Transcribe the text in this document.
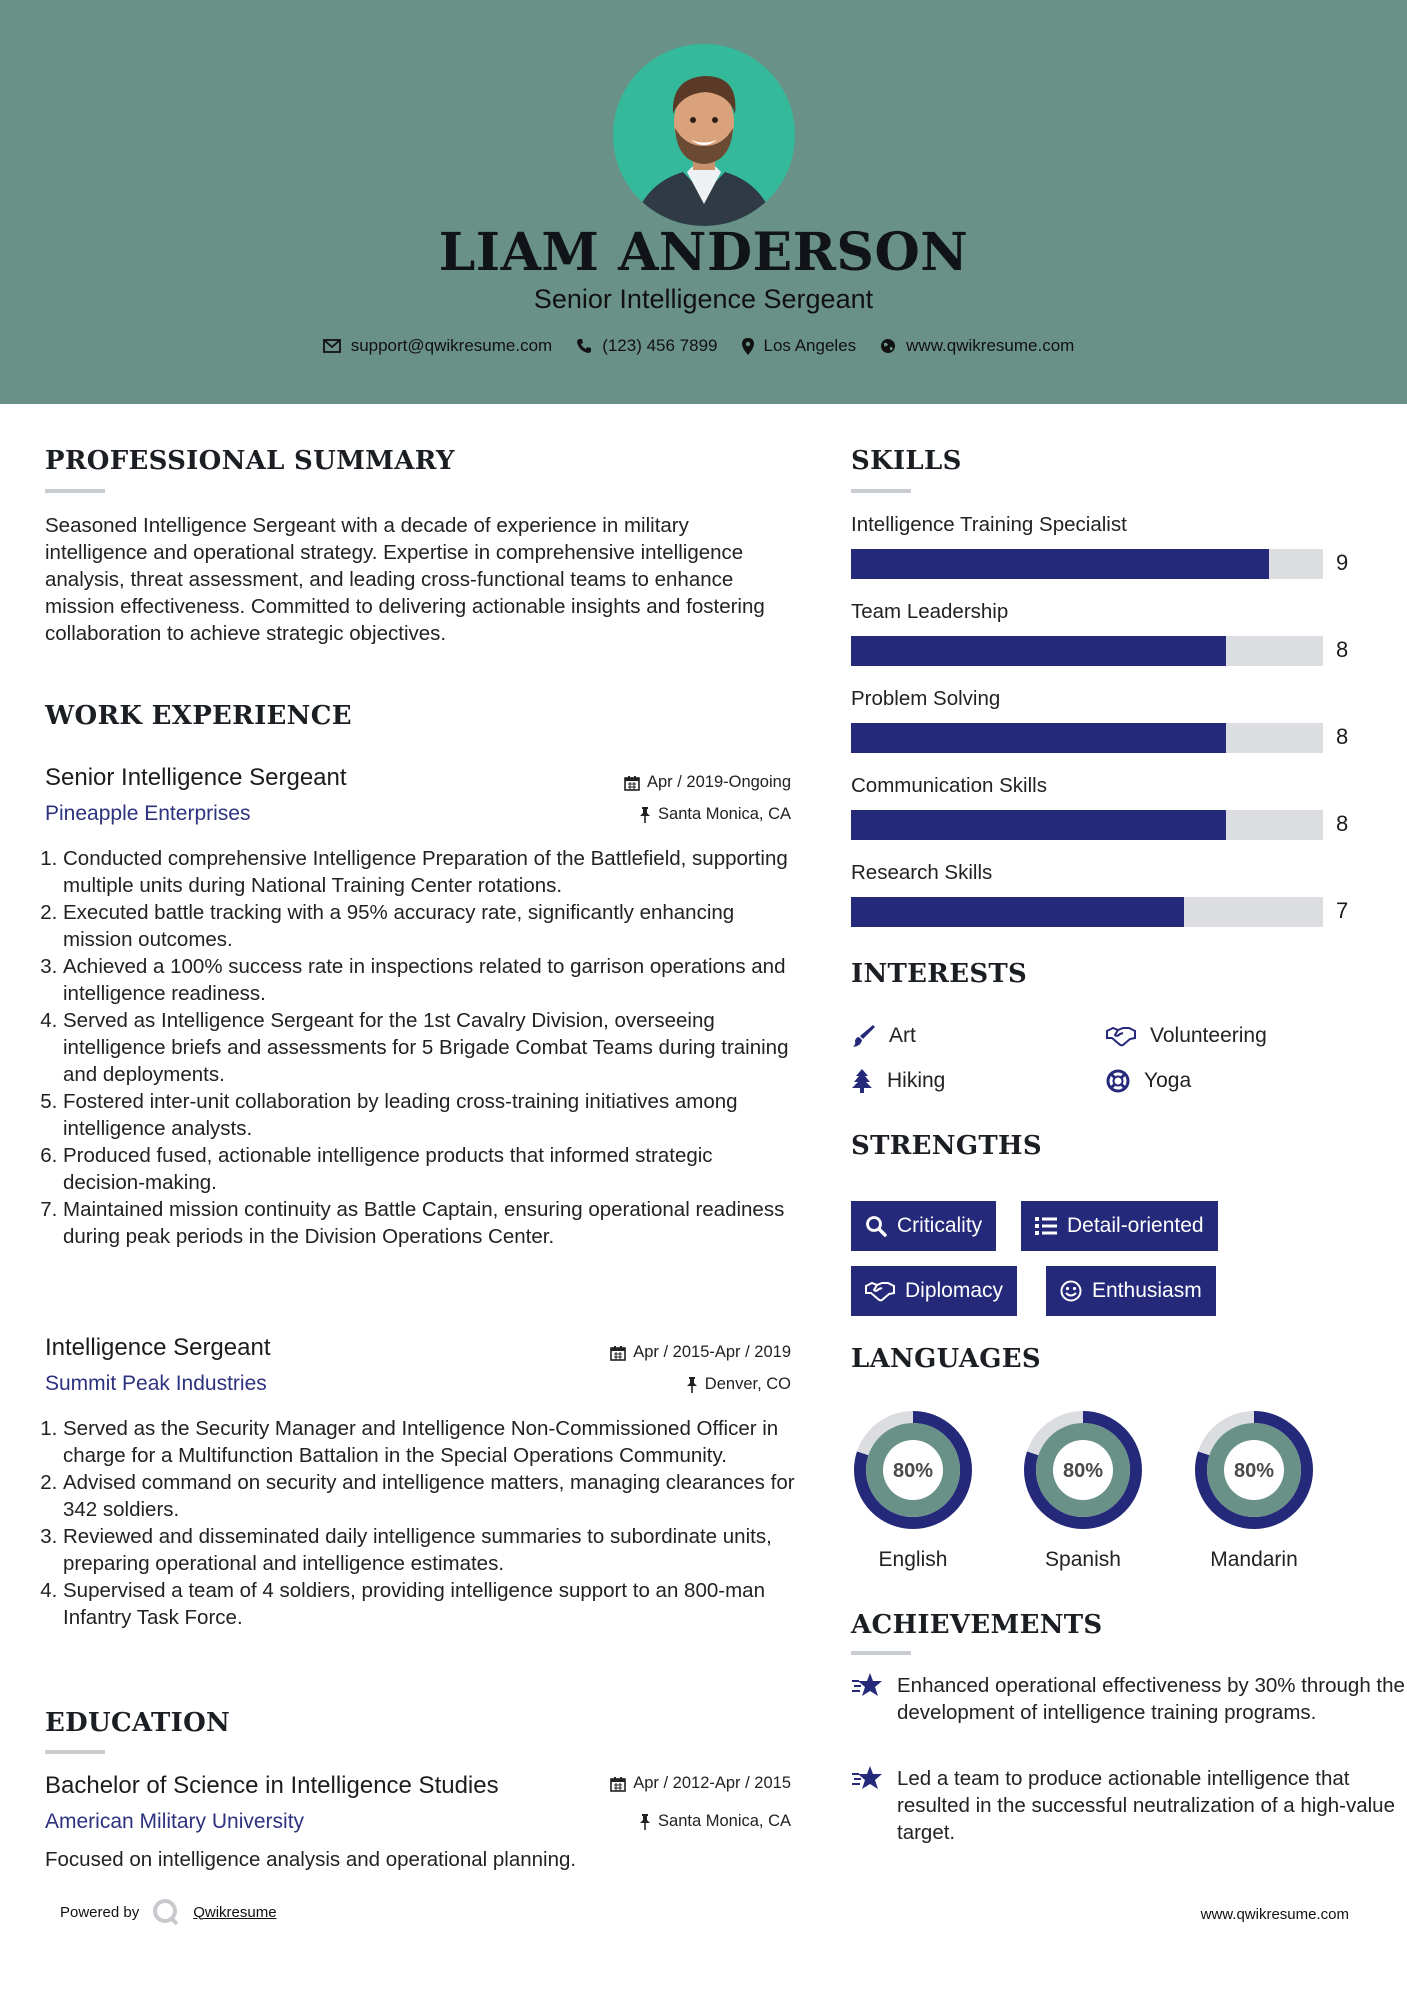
LIAM ANDERSON
Senior Intelligence Sergeant
support@qwikresume.com	(123) 456 7899	Los Angeles	www.qwikresume.com
PROFESSIONAL SUMMARY
Seasoned Intelligence Sergeant with a decade of experience in military intelligence and operational strategy. Expertise in comprehensive intelligence analysis, threat assessment, and leading cross-functional teams to enhance mission effectiveness. Committed to delivering actionable insights and fostering collaboration to achieve strategic objectives.
WORK EXPERIENCE
Senior Intelligence Sergeant
Pineapple Enterprises
Apr / 2019-Ongoing
Santa Monica, CA
1. Conducted comprehensive Intelligence Preparation of the Battlefield, supporting multiple units during National Training Center rotations.
2. Executed battle tracking with a 95% accuracy rate, significantly enhancing mission outcomes.
3. Achieved a 100% success rate in inspections related to garrison operations and intelligence readiness.
4. Served as Intelligence Sergeant for the 1st Cavalry Division, overseeing intelligence briefs and assessments for 5 Brigade Combat Teams during training and deployments.
5. Fostered inter-unit collaboration by leading cross-training initiatives among intelligence analysts.
6. Produced fused, actionable intelligence products that informed strategic decision-making.
7. Maintained mission continuity as Battle Captain, ensuring operational readiness during peak periods in the Division Operations Center.
Intelligence Sergeant
Summit Peak Industries
Apr / 2015-Apr / 2019
Denver, CO
1. Served as the Security Manager and Intelligence Non-Commissioned Officer in charge for a Multifunction Battalion in the Special Operations Community.
2. Advised command on security and intelligence matters, managing clearances for 342 soldiers.
3. Reviewed and disseminated daily intelligence summaries to subordinate units, preparing operational and intelligence estimates.
4. Supervised a team of 4 soldiers, providing intelligence support to an 800-man Infantry Task Force.
EDUCATION
Bachelor of Science in Intelligence Studies
American Military University
Apr / 2012-Apr / 2015
Santa Monica, CA
Focused on intelligence analysis and operational planning.
SKILLS
Intelligence Training Specialist
9
Team Leadership
8
Problem Solving
8
Communication Skills
8
Research Skills
7
INTERESTS
Art	Volunteering
Hiking	Yoga
STRENGTHS
Criticality	Detail-oriented
Diplomacy	Enthusiasm
LANGUAGES
80%
English
80%
Spanish
80%
Mandarin
ACHIEVEMENTS
Enhanced operational effectiveness by 30% through the development of intelligence training programs.
Led a team to produce actionable intelligence that resulted in the successful neutralization of a high-value target.
Powered by	Qwikresume	www.qwikresume.com
